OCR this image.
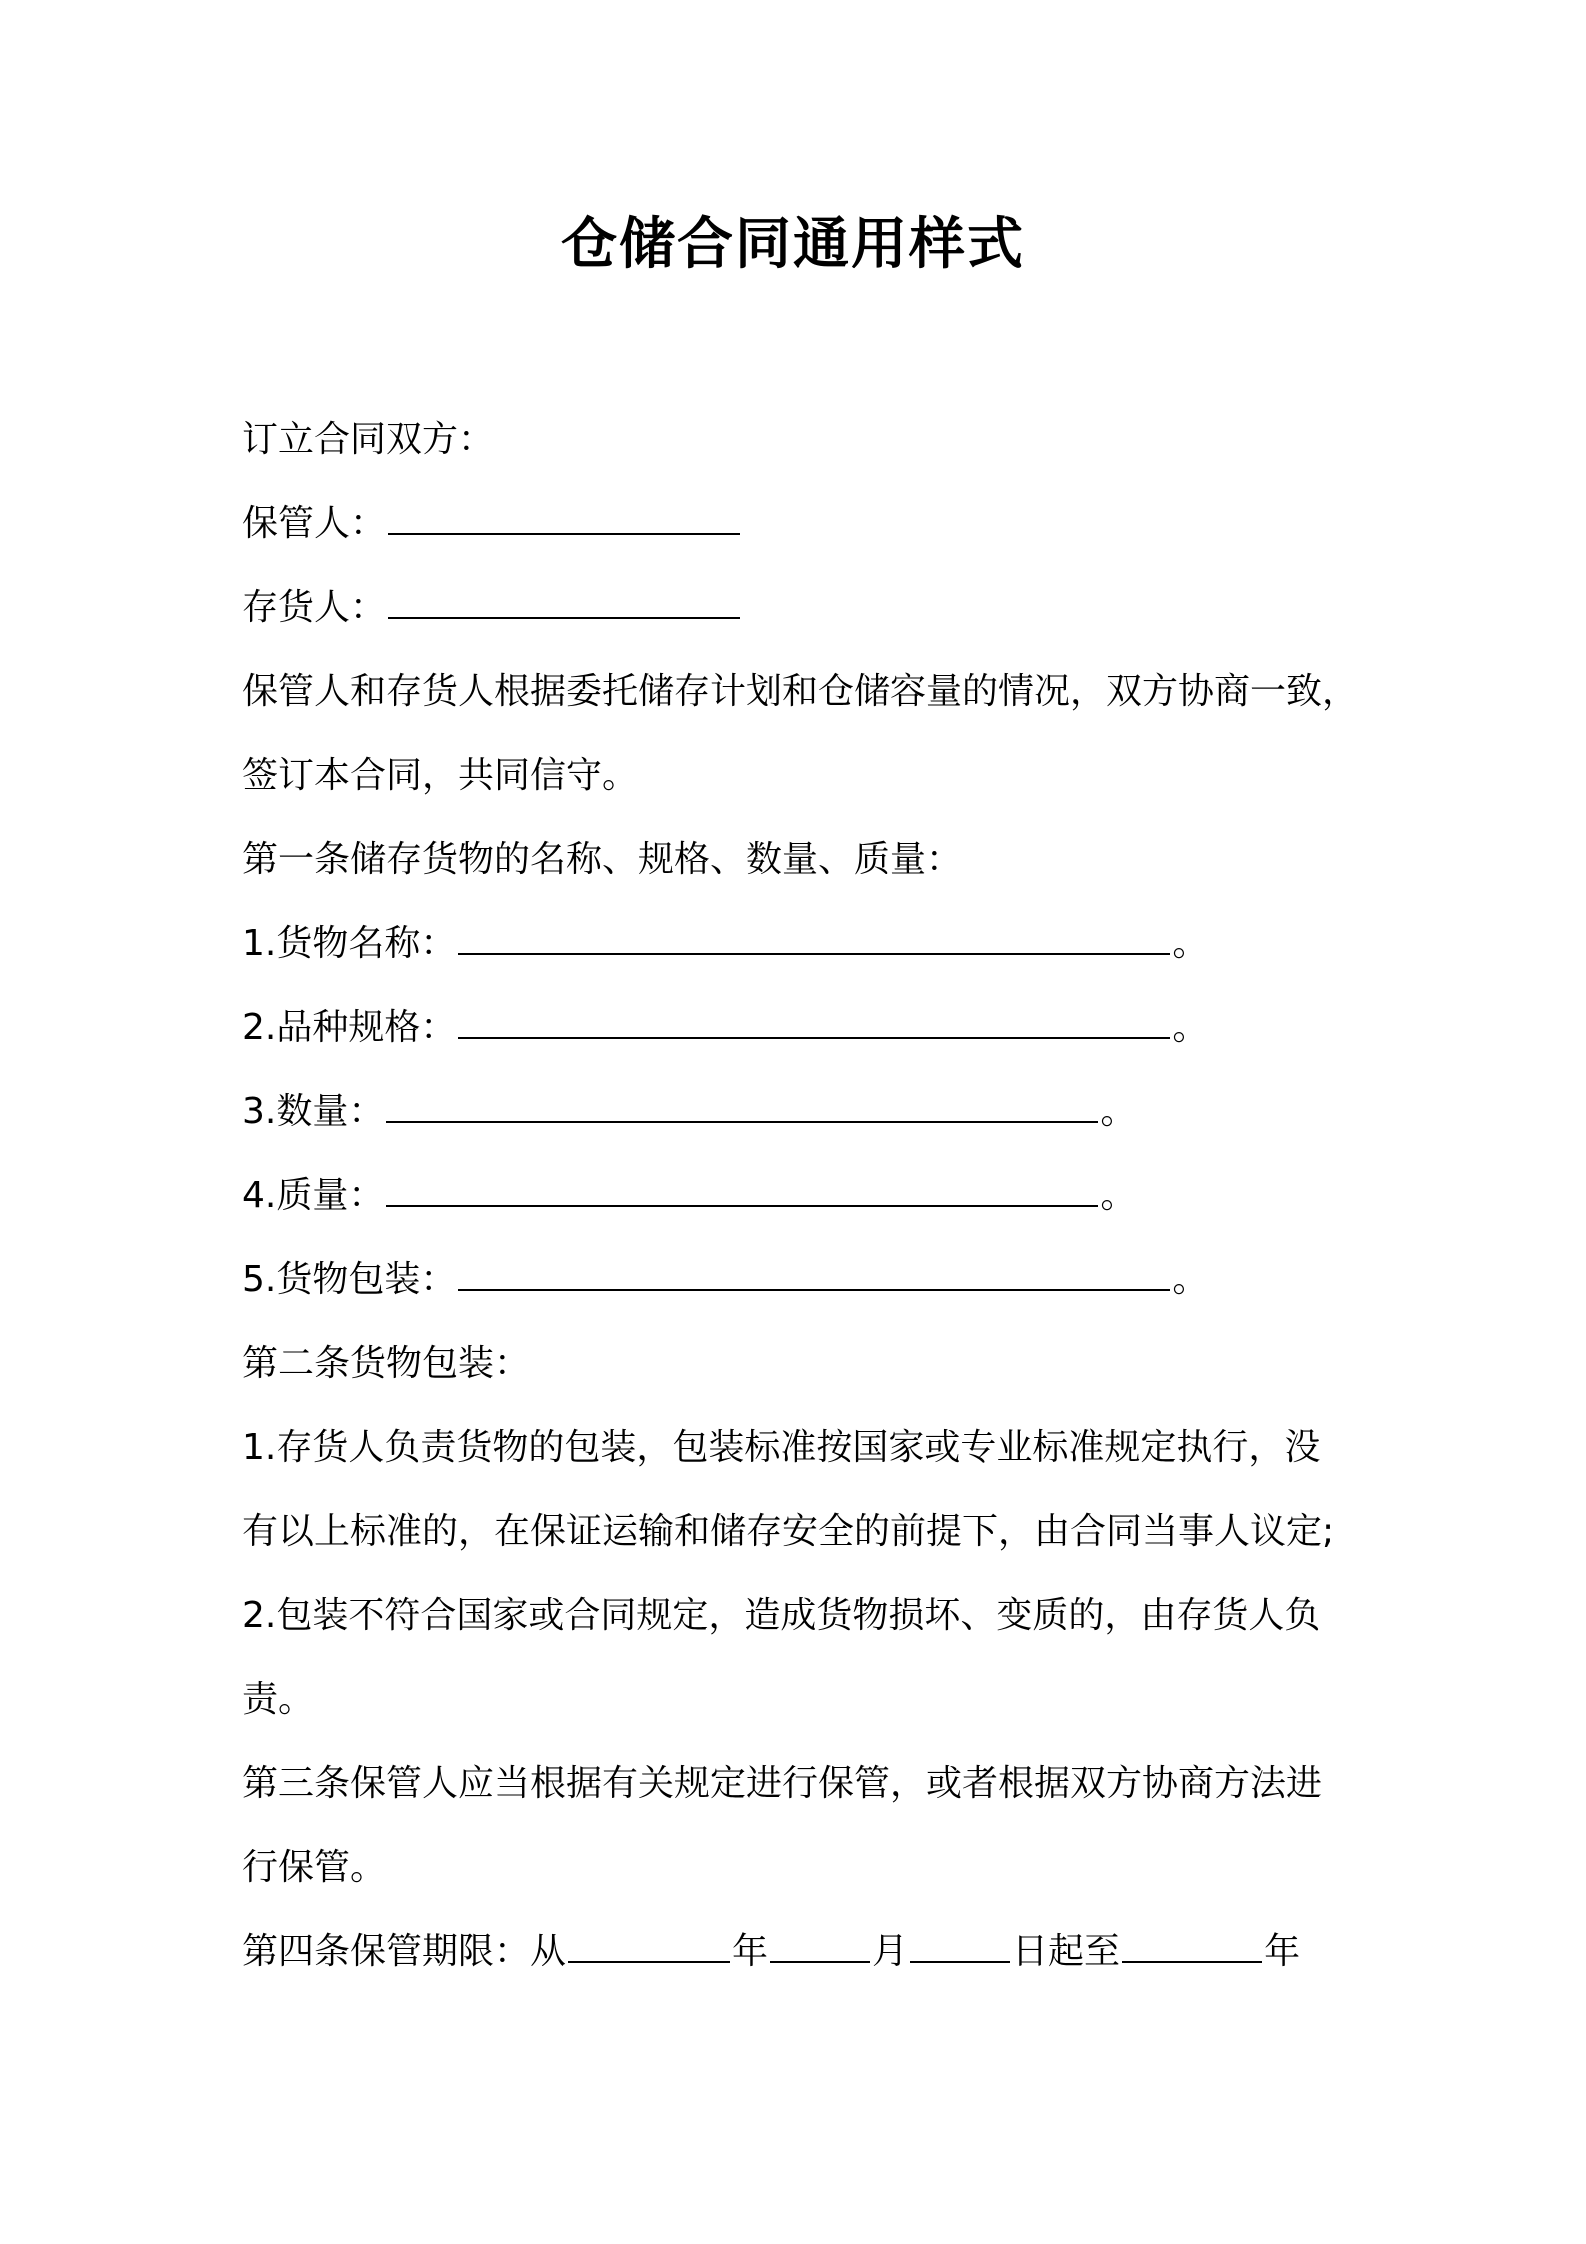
仓储合同通用样式
订立合同双方：
保管人：
存货人：
保管人和存货人根据委托储存计划和仓储容量的情况，双方协商一致，
签订本合同，共同信守。
第一条储存货物的名称、规格、数量、质量：
1.货物名称：	。
2.品种规格：	。
3.数量：	。
4.质量：	。
5.货物包装：	。
第二条货物包装：
1.存货人负责货物的包装，包装标准按国家或专业标准规定执行，没
有以上标准的，在保证运输和储存安全的前提下，由合同当事人议定;
2.包装不符合国家或合同规定，造成货物损坏、变质的，由存货人负
责。
第三条保管人应当根据有关规定进行保管，或者根据双方协商方法进
行保管。
第四条保管期限：从	年	月	日起至	年
